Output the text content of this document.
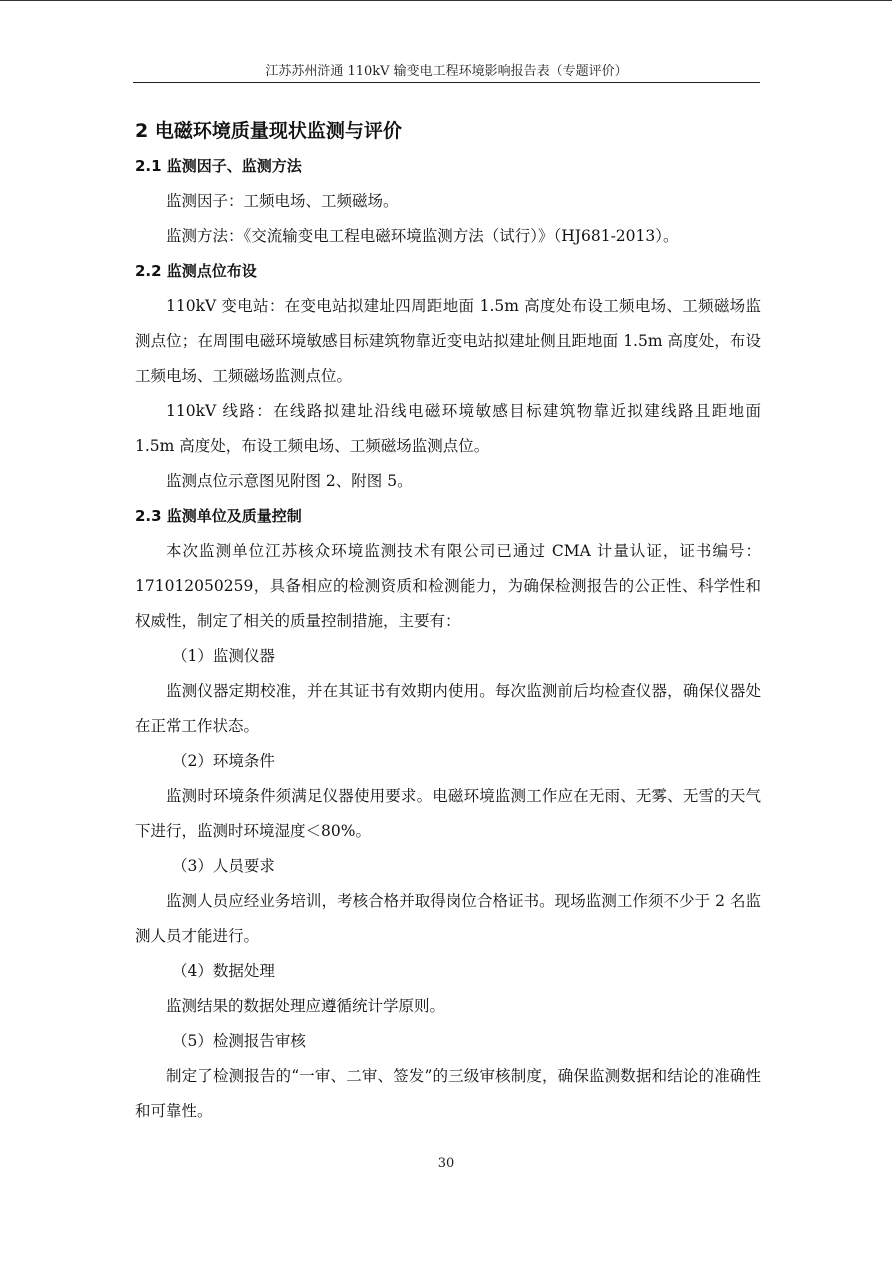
江苏苏州浒通 110kV 输变电工程环境影响报告表（专题评价）
2 电磁环境质量现状监测与评价
2.1 监测因子、监测方法

监测因子：工频电场、工频磁场。

监测方法：《交流输变电工程电磁环境监测方法（试行）》（HJ681-2013）。

2.2 监测点位布设

110kV 变电站：在变电站拟建址四周距地面 1.5m 高度处布设工频电场、工频磁场监测点位；在周围电磁环境敏感目标建筑物靠近变电站拟建址侧且距地面 1.5m 高度处，布设工频电场、工频磁场监测点位。

110kV 线路：在线路拟建址沿线电磁环境敏感目标建筑物靠近拟建线路且距地面 1.5m 高度处，布设工频电场、工频磁场监测点位。

监测点位示意图见附图 2、附图 5。

2.3 监测单位及质量控制

本次监测单位江苏核众环境监测技术有限公司已通过 CMA 计量认证，证书编号：171012050259，具备相应的检测资质和检测能力，为确保检测报告的公正性、科学性和权威性，制定了相关的质量控制措施，主要有：

（1）监测仪器

监测仪器定期校准，并在其证书有效期内使用。每次监测前后均检查仪器，确保仪器处在正常工作状态。

（2）环境条件

监测时环境条件须满足仪器使用要求。电磁环境监测工作应在无雨、无雾、无雪的天气下进行，监测时环境湿度＜80%。

（3）人员要求

监测人员应经业务培训，考核合格并取得岗位合格证书。现场监测工作须不少于 2 名监测人员才能进行。

（4）数据处理

监测结果的数据处理应遵循统计学原则。

（5）检测报告审核

制定了检测报告的“一审、二审、签发”的三级审核制度，确保监测数据和结论的准确性和可靠性。

30
